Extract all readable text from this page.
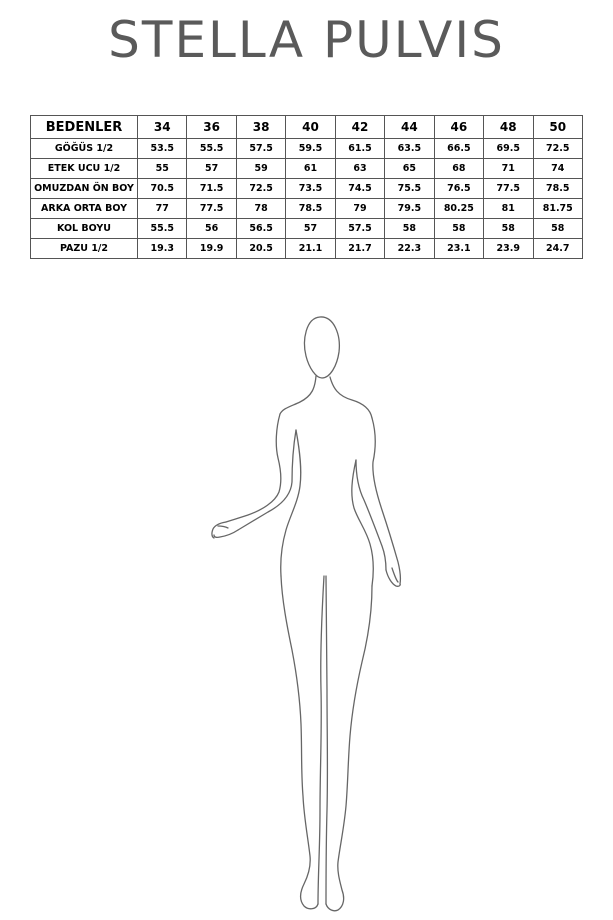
STELLA PULVIS
BEDENLER	34	36	38	40	42	44	46	48	50
GÖĞÜS 1/2	53.5	55.5	57.5	59.5	61.5	63.5	66.5	69.5	72.5
ETEK UCU 1/2	55	57	59	61	63	65	68	71	74
OMUZDAN ÖN BOY	70.5	71.5	72.5	73.5	74.5	75.5	76.5	77.5	78.5
ARKA ORTA BOY	77	77.5	78	78.5	79	79.5	80.25	81	81.75
KOL BOYU	55.5	56	56.5	57	57.5	58	58	58	58
PAZU 1/2	19.3	19.9	20.5	21.1	21.7	22.3	23.1	23.9	24.7
